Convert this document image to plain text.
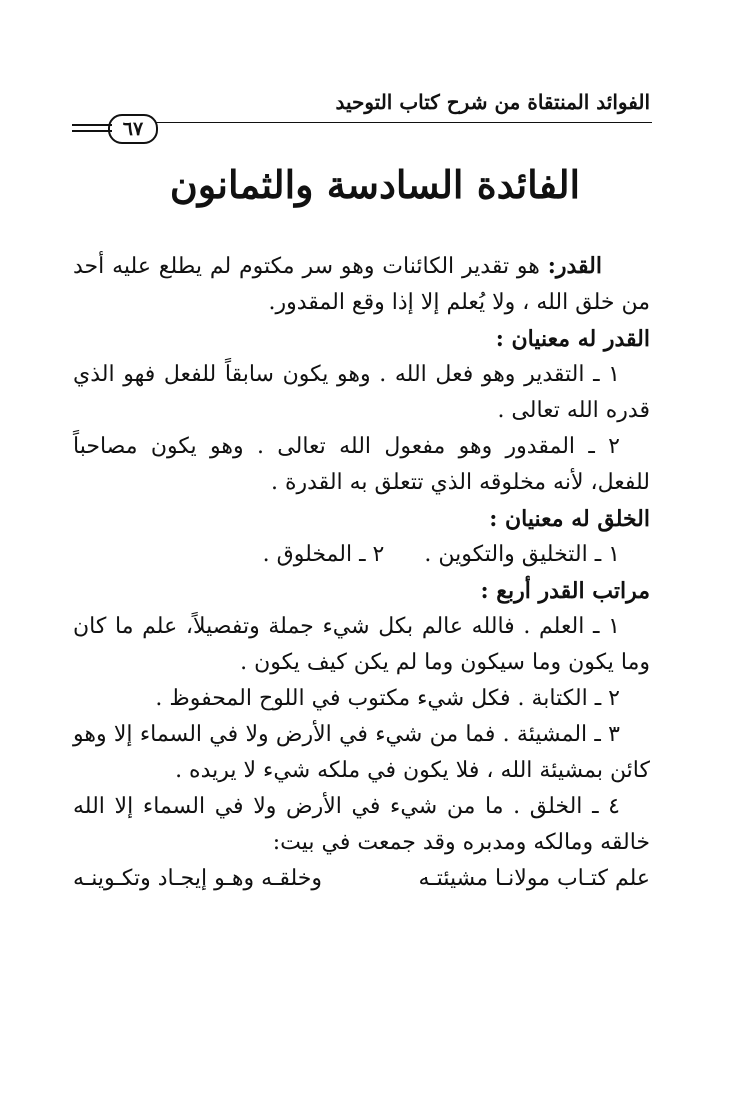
الفوائد المنتقاة من شرح كتاب التوحيد
٦٧
الفائدة السادسة والثمانون

القدر: هو تقدير الكائنات وهو سر مكتوم لم يطلع عليه أحد من خلق الله ، ولا يُعلم إلا إذا وقع المقدور.

القدر له معنيان :

١ ـ التقدير وهو فعل الله . وهو يكون سابقاً للفعل فهو الذي قدره الله تعالى .

٢ ـ المقدور وهو مفعول الله تعالى . وهو يكون مصاحباً للفعل، لأنه مخلوقه الذي تتعلق به القدرة .

الخلق له معنيان :

١ ـ التخليق والتكوين .٢ ـ المخلوق .

مراتب القدر أربع :

١ ـ العلم . فالله عالم بكل شيء جملة وتفصيلاً، علم ما كان وما يكون وما سيكون وما لم يكن كيف يكون .

٢ ـ الكتابة . فكل شيء مكتوب في اللوح المحفوظ .

٣ ـ المشيئة . فما من شيء في الأرض ولا في السماء إلا وهو كائن بمشيئة الله ، فلا يكون في ملكه شيء لا يريده .

٤ ـ الخلق . ما من شيء في الأرض ولا في السماء إلا الله خالقه ومالكه ومدبره وقد جمعت في بيت:

علم كتـاب مولانـا مشيئتـه
وخلقـه وهـو إيجـاد وتكـوينـه
